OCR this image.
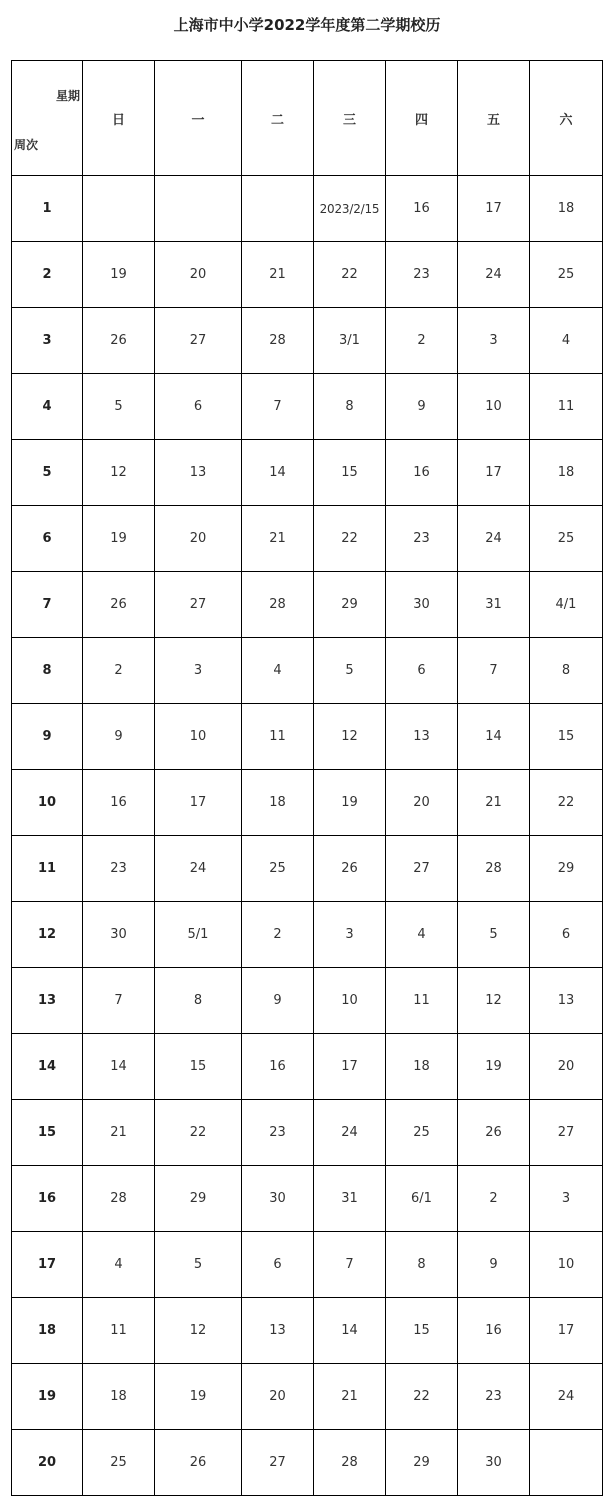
上海市中小学2022学年度第二学期校历
星期
周次	日	一	二	三	四	五	六
1				2023/2/15	16	17	18
2	19	20	21	22	23	24	25
3	26	27	28	3/1	2	3	4
4	5	6	7	8	9	10	11
5	12	13	14	15	16	17	18
6	19	20	21	22	23	24	25
7	26	27	28	29	30	31	4/1
8	2	3	4	5	6	7	8
9	9	10	11	12	13	14	15
10	16	17	18	19	20	21	22
11	23	24	25	26	27	28	29
12	30	5/1	2	3	4	5	6
13	7	8	9	10	11	12	13
14	14	15	16	17	18	19	20
15	21	22	23	24	25	26	27
16	28	29	30	31	6/1	2	3
17	4	5	6	7	8	9	10
18	11	12	13	14	15	16	17
19	18	19	20	21	22	23	24
20	25	26	27	28	29	30	
